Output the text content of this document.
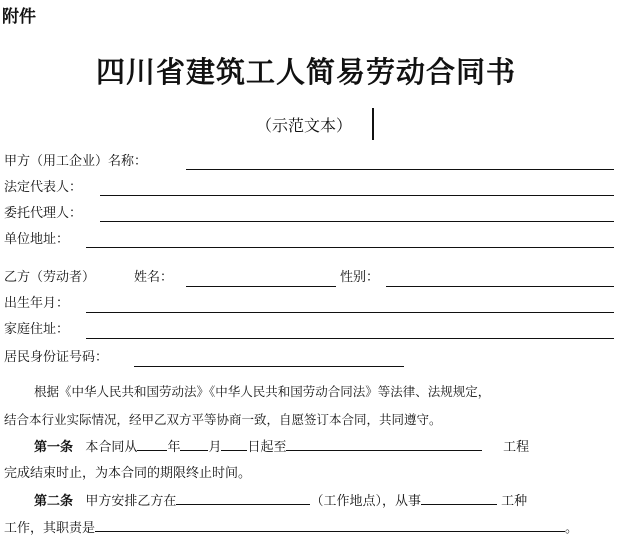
附件
四川省建筑工人简易劳动合同书
（示范文本）
甲方（用工企业）名称：
法定代表人：
委托代理人：
单位地址：
乙方（劳动者）	姓名：	性别：
出生年月：
家庭住址：
居民身份证号码：
根据《中华人民共和国劳动法》《中华人民共和国劳动合同法》等法律、法规规定，
结合本行业实际情况，经甲乙双方平等协商一致，自愿签订本合同，共同遵守。
第一条 本合同从 年 月 日起至	工程
完成结束时止，为本合同的期限终止时间。
第二条 甲方安排乙方在	（工作地点），从事	工种
工作，其职责是	。
